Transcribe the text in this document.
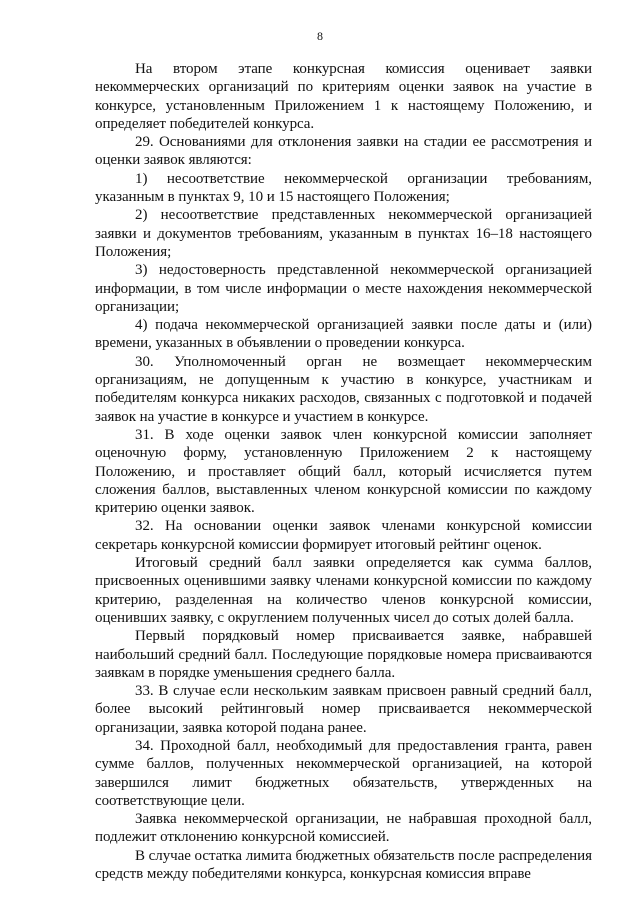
8

На втором этапе конкурсная комиссия оценивает заявки некоммерческих организаций по критериям оценки заявок на участие в конкурсе, установленным Приложением 1 к настоящему Положению, и определяет победителей конкурса.

29. Основаниями для отклонения заявки на стадии ее рассмотрения и оценки заявок являются:

1) несоответствие некоммерческой организации требованиям, указанным в пунктах 9, 10 и 15 настоящего Положения;

2) несоответствие представленных некоммерческой организацией заявки и документов требованиям, указанным в пунктах 16–18 настоящего Положения;

3) недостоверность представленной некоммерческой организацией информации, в том числе информации о месте нахождения некоммерческой организации;

4) подача некоммерческой организацией заявки после даты и (или) времени, указанных в объявлении о проведении конкурса.

30. Уполномоченный орган не возмещает некоммерческим организациям, не допущенным к участию в конкурсе, участникам и победителям конкурса никаких расходов, связанных с подготовкой и подачей заявок на участие в конкурсе и участием в конкурсе.

31. В ходе оценки заявок член конкурсной комиссии заполняет оценочную форму, установленную Приложением 2 к настоящему Положению, и проставляет общий балл, который исчисляется путем сложения баллов, выставленных членом конкурсной комиссии по каждому критерию оценки заявок.

32. На основании оценки заявок членами конкурсной комиссии секретарь конкурсной комиссии формирует итоговый рейтинг оценок.

Итоговый средний балл заявки определяется как сумма баллов, присвоенных оценившими заявку членами конкурсной комиссии по каждому критерию, разделенная на количество членов конкурсной комиссии, оценивших заявку, с округлением полученных чисел до сотых долей балла.

Первый порядковый номер присваивается заявке, набравшей наибольший средний балл. Последующие порядковые номера присваиваются заявкам в порядке уменьшения среднего балла.

33. В случае если нескольким заявкам присвоен равный средний балл, более высокий рейтинговый номер присваивается некоммерческой организации, заявка которой подана ранее.

34. Проходной балл, необходимый для предоставления гранта, равен сумме баллов, полученных некоммерческой организацией, на которой завершился лимит бюджетных обязательств, утвержденных на соответствующие цели.

Заявка некоммерческой организации, не набравшая проходной балл, подлежит отклонению конкурсной комиссией.

В случае остатка лимита бюджетных обязательств после распределения средств между победителями конкурса, конкурсная комиссия вправе
